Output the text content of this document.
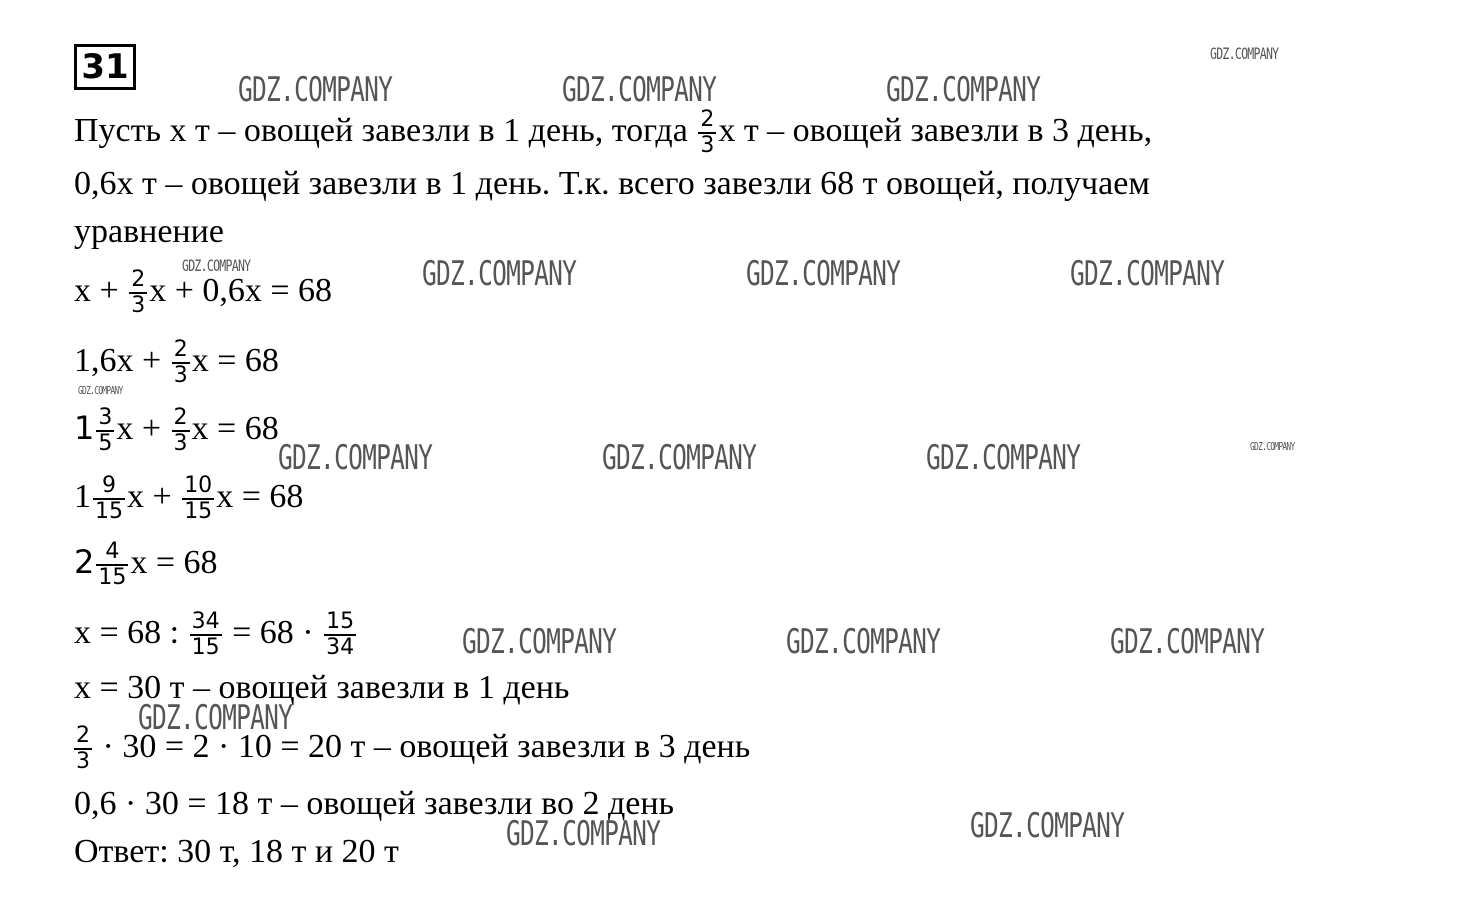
31
Пусть x т – овощей завезли в 1 день, тогда $\frac{2}{3}$ x т – овощей завезли в 3 день,
0,6x т – овощей завезли в 1 день. Т.к. всего завезли 68 т овощей, получаем
уравнение
$x + \frac{2}{3}$ x + 0,6x = 68
$1,6x + \frac{2}{3}$ x = 68
$1 \frac{3}{5}$ $x + \frac{2}{3}$ x = 68
$1 \frac{9}{15}$ $x + \frac{10}{15}$ x = 68
$2 \frac{4}{15}$ x = 68
x = 68 : $\frac{34}{15} = 68 \cdot \frac{15}{34}$
x = 30 т – овощей завезли в 1 день
$\frac{2}{3} \cdot 30 = 2 \cdot 10 = 20$ т – овощей завезли в 3 день
0,6 · 30 = 18 т – овощей завезли во 2 день
Ответ: 30 т, 18 т и 20 т
GDZ.COMPANY
GDZ.COMPANY	GDZ.COMPANY	GDZ.COMPANY
GDZ.COMPANY	GDZ.COMPANY	GDZ.COMPANY	GDZ.COMPANY
GDZ.COMPANY
GDZ.COMPANY	GDZ.COMPANY	GDZ.COMPANY	GDZ.COMPANY
GDZ.COMPANY	GDZ.COMPANY	GDZ.COMPANY
GDZ.COMPANY
GDZ.COMPANY
GDZ.COMPANY
